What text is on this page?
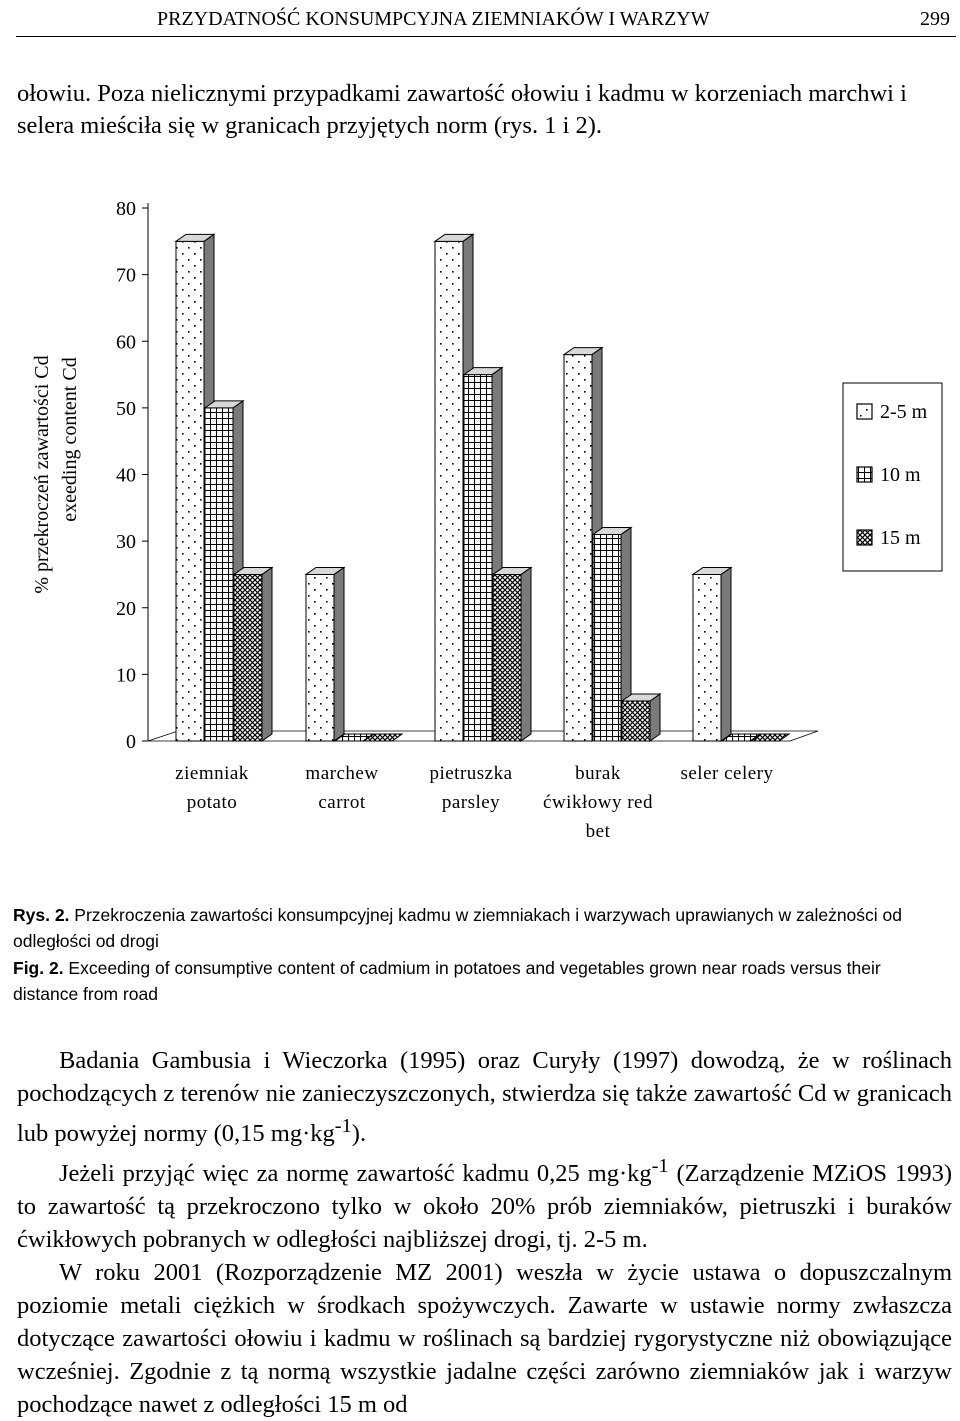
PRZYDATNOŚĆ KONSUMPCYJNA ZIEMNIAKÓW I WARZYW	299

ołowiu. Poza nielicznymi przypadkami zawartość ołowiu i kadmu w korzeniach marchwi i selera mieściła się w granicach przyjętych norm (rys. 1 i 2).

0
10
20
30
40
50
60
70
80
% przekroczeń zawartości Cd exeeding content Cd
ziemniak
potato
marchew
carrot
pietruszka
parsley
burak
ćwikłowy red
bet
seler celery
2-5 m
10 m
15 m
Rys. 2. Przekroczenia zawartości konsumpcyjnej kadmu w ziemniakach i warzywach uprawianych w zależności od odległości od drogi
Fig. 2. Exceeding of consumptive content of cadmium in potatoes and vegetables grown near roads versus their distance from road

Badania Gambusia i Wieczorka (1995) oraz Curyły (1997) dowodzą, że w roślinach pochodzących z terenów nie zanieczyszczonych, stwierdza się także zawartość Cd w granicach lub powyżej normy (0,15 $mg\cdot kg^{-1}$).

Jeżeli przyjąć więc za normę zawartość kadmu 0,25 $mg\cdot kg^{-1}$ (Zarządzenie MZiOS 1993) to zawartość tą przekroczono tylko w około 20% prób ziemniaków, pietruszki i buraków ćwikłowych pobranych w odległości najbliższej drogi, tj. 2-5 m.

W roku 2001 (Rozporządzenie MZ 2001) weszła w życie ustawa o dopuszczalnym poziomie metali ciężkich w środkach spożywczych. Zawarte w ustawie normy zwłaszcza dotyczące zawartości ołowiu i kadmu w roślinach są bardziej rygorystyczne niż obowiązujące wcześniej. Zgodnie z tą normą wszystkie jadalne części zarówno ziemniaków jak i warzyw pochodzące nawet z odległości 15 m od
